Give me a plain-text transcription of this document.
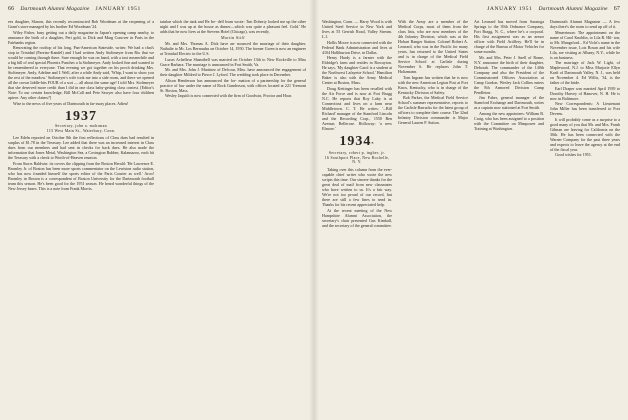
66 Dartmouth Alumni Magazine JANUARY 1951

ees daughter, Sharon, this recently reconstructed Bob Woodman at the reopening of a Grant's store managed by his brother Ed Woodman '24.

Wiley Fisher, busy getting out a daily magazine in Japan's opening camp nearby, to announce the birth of a daughter, Peri gold, to Dick and Marg Conover in Paris in the Fairbanks region.

Renovating the rooftop of his long, Pan-American Stateside, writes: We had a chat's stop in Trinidad (Pareiso-Kandel) and I had written Andy Stoltmeyer from Rio that we would be coming through there. Sure enough he was on hand, with a taxi meanwhile and a big bill of real special Phoenix Punches a la Stoltmeyer. Andy looked fine and wanted to be remembered to everyone. That evening we got together on his porch drinking Mrs. Stoltmeyer. Andy, Adeline and I. Well, after a while Andy said, 'Whip, I want to show you the rest of the meadow.' Stoltmeyer's wife took me into a side room, and there we opened all the crown liddle-bits FOUR of a sort — all about the same age! I told Mrs. Stoltmeyer that she deserved more credit than I did in one class baby-getting class contest. [Editor's Note: To our certain knowledge, Bill McCall and Pete Sawyer also have four children apiece. Any other claims?]

Wise to the news of five years of Dartmouth in far-away places. Adieu!

1937
Secretary, john a. mohrman
115 West Main St., Waterbury, Conn.

Lee Edeln reported on October 8th the first reflections of Class dues had resulted in surplus of $1.78 in the Treasury. Lee added that there was an increased interest in Class dues from our members and had sent in checks for back dues. He also made the information that Jones Metal, Washington Sea, a Covington Rubber, Kalamazoo, each hit the Treasury with a check to Worth-of-Heaven reunion.

From Storrs Baldwin: its covers the clipping from the Boston Herald: 'He Lawrence E. Bromley Jr. of Boston has been more sports commentator on the Lewiston radio station, who has now founded himself the sports editor of the Paris Courier as well.' Aroo! Bromley in Boston is a correspondent of Boston University for the Dartmouth football team this season. He's been good for the 1951 season. He heard wonderful things of the New Jersey bases. This is a note from Frank Morris.

tainlon which the tank and He Ire- dell learn wrote: 'Jim Doherty looked me up the other night and I was up at the house as dinner—which was quite a pleasant feel. Gold.' He adds that he now lives at the Stevens Hotel (Chicago), was recently.

Martin Stiff

Mr. and Mrs. Thomas A. Dick have an- nounced the marriage of their daughter, Nathalie to Mr. Los Bermudas on October 14, 1950. The former Gwen is now an engineer at Trinidad Electric in the U.S.

Lucas Achelleur Shamibell was married on October 13th to New Rockville to Miss Grace Barbara. The marriage is announced in Fort Smith, Va.

Mr. and Mrs. John J. Martinez of Delcour, Miss. have announced the engagement of their daughter Mildred to Pierce J. Lyford. The wedding took place in December.

Alison Henderson has announced the for- mation of a partnership for the general practice of law under the name of Rock Gunderson, with offices located at 221 Tremont St. Boston, Mass.

Wesley Jaquith is now connected with the firm of Goodwin, Proctor and Hoar.

JANUARY 1951 Dartmouth Alumni Magazine 67

Washington, Conn. — Harry Wood is with United Steel Service in New York and lives at 55 Gerrish Road, Valley Stream. L.I.

Hollis Moore is now connected with the Federal Bank Administration and lives at 4104 Halliburton Drive, in Dallas.

Henry Hardy is a farmer with the Eldridge's farm and resides in Rowayton. He says, 'My daughter Carol is a student at the Northwest Lafayette School.' Hamilton Baker is also with the Army Medical Center at Boston, Mass.

Doug Kettinger has been recalled with the Air Force and is now at Fort Bragg N.C. He reports that Roy Luby is at Connecticut and lives on a farm near Middletown. C. T. He writes: '...Bill Richard' manager of the Stamford Lincoln and the Recording Corp., 1550 Ben Avenue, Bellerose. Holloway: 'a new Elmore.'

1934*
Secretary, robert p. ingber, jr.
16 Southport Place, New Rochelle, N. Y.

Taking over this column from the ever-capable chief writer who wrote the new scripts this time. Our sincere thanks for the great deal of mail from new classmates who have written to us. It's a fair way. We're not too proud of our record, but there are still a few lines to send in. Thanks for his recent appreciated help.

At the recent meeting of the New Hampshire Alumni Association, the secretary's chair presented Gus Kimball, and the secretary of the general committee.

With the Army are a member of the Medical Corps, most of them from the class lists, who are now members of the 4th Infantry Division, which was at the Hobart Ranger Station. Colonel Robert A. Leonard, who was in the Pacific for many years, has returned to the United States and is in charge of the Medical Field Service School at Carlisle during November 6. He replaces John T. Holtzmann.

Tom Ingram has written that he is now with the new American Legion Post at Fort Knox, Kentucky, who is in charge of the Kentucky Division of Safety.

Bob Parker, the Medical Field Service School's summer representative, reports to the Carlisle Barracks for the latest group of officers to complete their course. The 32nd Infantry Division commander is Major General Lauren P. Sutton.

Art Leonard has moved from Saratoga Springs to the 39th Ordnance Company, Fort Bragg, N. C., where he's a corporal. His first assignment was as an armor officer with Field Artillery. He'll be in charge of the Bureau of Motor Vehicles for some months.

Mr. and Mrs. Peter J. Snell of Rome, N.Y. announce the birth of their daughter, Deborah. The commander of the 140th Company and also the President of the Commissioned Officers Association at Camp Gordon. Wesley Jack Collins enters the 8th Armored Division Camp Pendleton.

Jim Faber, general manager of the Stamford Exchange and Dartmouth, writes as a captain now stationed at Fort Smith.

Among the new appointees: William B. Craig, who has been assigned to a position with the Committee on Manpower and Training at Washington.

Dartmouth Alumni Magazine — A few days there's the room to send up off of it.

Mmerrimon: The appointment on the name of Carol Knoblin, to Lila R. Hil- ton, to Mr. Mungsford... Ed Vickt's name in the November issue, Lois Bosan and his wife Lila, are visiting at Albany, N.Y., while he is on business.

The marriage of Jack W. Light, of Maplewood, N.J. to Miss Marjorie Ellyn Kraft of Dartmouth Valley, N. J., was held on November 4. Ed Willis, '34, is the father of the bride.

Earl Draper was married April 1939 to Dorothy Harvey of Hanover, N. H. He is now in Baltimore.

New Correspondents: A Lieutenant John Miller has been transferred to Fort Devens.

It will probably come as a surprise to a good many of you that Mr. and Mrs. Frank Gilman are leaving for California on the 30th. He has been connected with the Warner Company for the past three years and expects to leave the agency at the end of the fiscal year.

Good wishes for 1951.
